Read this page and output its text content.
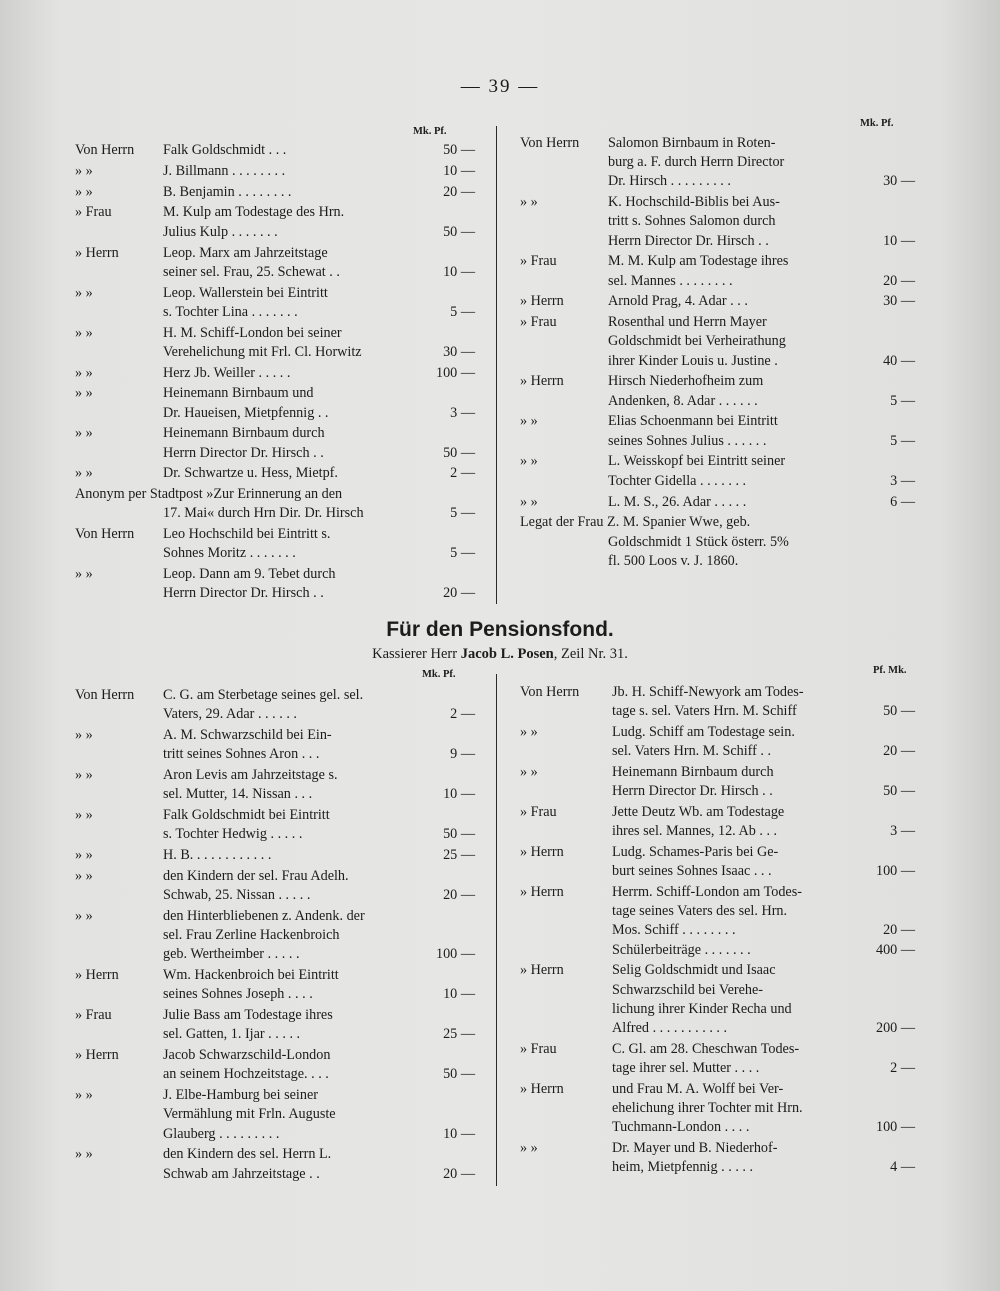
— 39 —
Mk. Pf.
Mk. Pf.
Mk. Pf.	Pf. Mk.
Von Herrn Falk Goldschmidt . . .	50 —
» »	J. Billmann . . . . . . . .	10 —
» »	B. Benjamin . . . . . . . .	20 —
» Frau	M. Kulp am Todestage des Hrn.
Julius Kulp . . . . . . .	50 —
» Herrn	Leop. Marx am Jahrzeitstage
seiner sel. Frau, 25. Schewat . .	10 —
» »	Leop. Wallerstein bei Eintritt
s. Tochter Lina . . . . . . .	5 —
» »	H. M. Schiff-London bei seiner
Verehelichung mit Frl. Cl. Horwitz	30 —
» »	Herz Jb. Weiller . . . . .	100 —
» »	Heinemann Birnbaum und
Dr. Haueisen, Mietpfennig . .	3 —
» »	Heinemann Birnbaum durch
Herrn Director Dr. Hirsch . .	50 —
» »	Dr. Schwartze u. Hess, Mietpf.	2 —
Anonym per Stadtpost »Zur Erinnerung an den
17. Mai« durch Hrn Dir. Dr. Hirsch	5 —
Von Herrn Leo Hochschild bei Eintritt s.
Sohnes Moritz . . . . . . .	5 —
» »	Leop. Dann am 9. Tebet durch
Herrn Director Dr. Hirsch . .	20 —
Von Herrn Salomon Birnbaum in Roten-
burg a. F. durch Herrn Director
Dr. Hirsch . . . . . . . . .	30 —
» »	K. Hochschild-Biblis bei Aus-
tritt s. Sohnes Salomon durch
Herrn Director Dr. Hirsch . .	10 —
» Frau	M. M. Kulp am Todestage ihres
sel. Mannes . . . . . . . .	20 —
» Herrn	Arnold Prag, 4. Adar . . .	30 —
» Frau	Rosenthal und Herrn Mayer
Goldschmidt bei Verheirathung
ihrer Kinder Louis u. Justine .	40 —
» Herrn	Hirsch Niederhofheim zum
Andenken, 8. Adar . . . . . .	5 —
» »	Elias Schoenmann bei Eintritt
seines Sohnes Julius . . . . . .	5 —
» »	L. Weisskopf bei Eintritt seiner
Tochter Gidella . . . . . . .	3 —
» »	L. M. S., 26. Adar . . . . .	6 —
Legat der Frau Z. M. Spanier Wwe, geb.
Goldschmidt 1 Stück österr. 5%
fl. 500 Loos v. J. 1860.
Für den Pensionsfond.
Kassierer Herr Jacob L. Posen, Zeil Nr. 31.
Von Herrn C. G. am Sterbetage seines gel. sel.
Vaters, 29. Adar . . . . . .	2 —
» »	A. M. Schwarzschild bei Ein-
tritt seines Sohnes Aron . . .	9 —
» »	Aron Levis am Jahrzeitstage s.
sel. Mutter, 14. Nissan . . .	10 —
» »	Falk Goldschmidt bei Eintritt
s. Tochter Hedwig . . . . .	50 —
» »	H. B. . . . . . . . . . . .	25 —
» »	den Kindern der sel. Frau Adelh.
Schwab, 25. Nissan . . . . .	20 —
» »	den Hinterbliebenen z. Andenk. der
sel. Frau Zerline Hackenbroich
geb. Wertheimber . . . . .	100 —
» Herrn	Wm. Hackenbroich bei Eintritt
seines Sohnes Joseph . . . .	10 —
» Frau	Julie Bass am Todestage ihres
sel. Gatten, 1. Ijar . . . . .	25 —
» Herrn	Jacob Schwarzschild-London
an seinem Hochzeitstage. . . .	50 —
» »	J. Elbe-Hamburg bei seiner
Vermählung mit Frln. Auguste
Glauberg . . . . . . . . .	10 —
» »	den Kindern des sel. Herrn L.
Schwab am Jahrzeitstage . .	20 —
Von Herrn Jb. H. Schiff-Newyork am Todes-
tage s. sel. Vaters Hrn. M. Schiff	50 —
» »	Ludg. Schiff am Todestage sein.
sel. Vaters Hrn. M. Schiff . .	20 —
» »	Heinemann Birnbaum durch
Herrn Director Dr. Hirsch . .	50 —
» Frau	Jette Deutz Wb. am Todestage
ihres sel. Mannes, 12. Ab . . .	3 —
» Herrn	Ludg. Schames-Paris bei Ge-
burt seines Sohnes Isaac . . .	100 —
» Herrn	Herrm. Schiff-London am Todes-
tage seines Vaters des sel. Hrn.
Mos. Schiff . . . . . . . .	20 —
Schülerbeiträge . . . . . . .	400 —
» Herrn	Selig Goldschmidt und Isaac
Schwarzschild bei Verehe-
lichung ihrer Kinder Recha und
Alfred . . . . . . . . . . .	200 —
» Frau	C. Gl. am 28. Cheschwan Todes-
tage ihrer sel. Mutter . . . .	2 —
» Herrn	und Frau M. A. Wolff bei Ver-
ehelichung ihrer Tochter mit Hrn.
Tuchmann-London . . . .	100 —
» »	Dr. Mayer und B. Niederhof-
heim, Mietpfennig . . . . .	4 —
